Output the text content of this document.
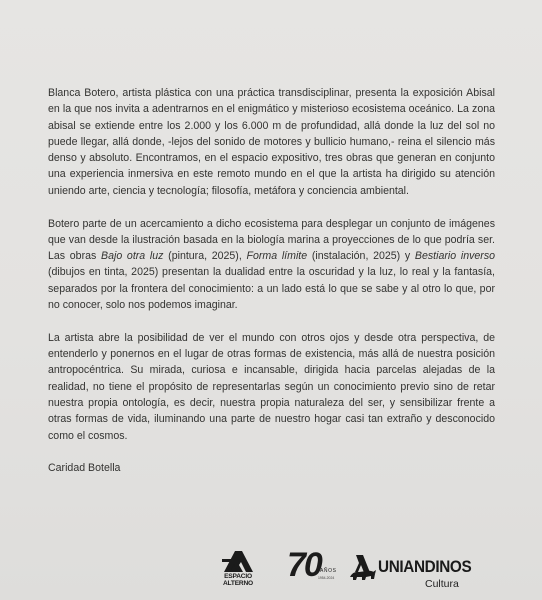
Blanca Botero, artista plástica con una práctica transdisciplinar, presenta la exposición Abisal en la que nos invita a adentrarnos en el enigmático y misterioso ecosistema oceánico. La zona abisal se extiende entre los 2.000 y los 6.000 m de profundidad, allá donde la luz del sol no puede llegar, allá donde, -lejos del sonido de motores y bullicio humano,- reina el silencio más denso y absoluto. Encontramos, en el espacio expositivo, tres obras que generan en conjunto una experiencia inmersiva en este remoto mundo en el que la artista ha dirigido su atención uniendo arte, ciencia y tecnología; filosofía, metáfora y conciencia ambiental.

Botero parte de un acercamiento a dicho ecosistema para desplegar un conjunto de imágenes que van desde la ilustración basada en la biología marina a proyecciones de lo que podría ser. Las obras Bajo otra luz (pintura, 2025), Forma límite (instalación, 2025) y Bestiario inverso (dibujos en tinta, 2025) presentan la dualidad entre la oscuridad y la luz, lo real y la fantasía, separados por la frontera del conocimiento: a un lado está lo que se sabe y al otro lo que, por no conocer, solo nos podemos imaginar.

La artista abre la posibilidad de ver el mundo con otros ojos y desde otra perspectiva, de entenderlo y ponernos en el lugar de otras formas de existencia, más allá de nuestra posición antropocéntrica. Su mirada, curiosa e incansable, dirigida hacia parcelas alejadas de la realidad, no tiene el propósito de representarlas según un conocimiento previo sino de retar nuestra propia ontología, es decir, nuestra propia naturaleza del ser, y sensibilizar frente a otras formas de vida, iluminando una parte de nuestro hogar casi tan extraño y desconocido como el cosmos.

Caridad Botella
ESPACIO
ALTERNO 70 AÑOS
1954-2024
UNIANDINOS
Cultura
